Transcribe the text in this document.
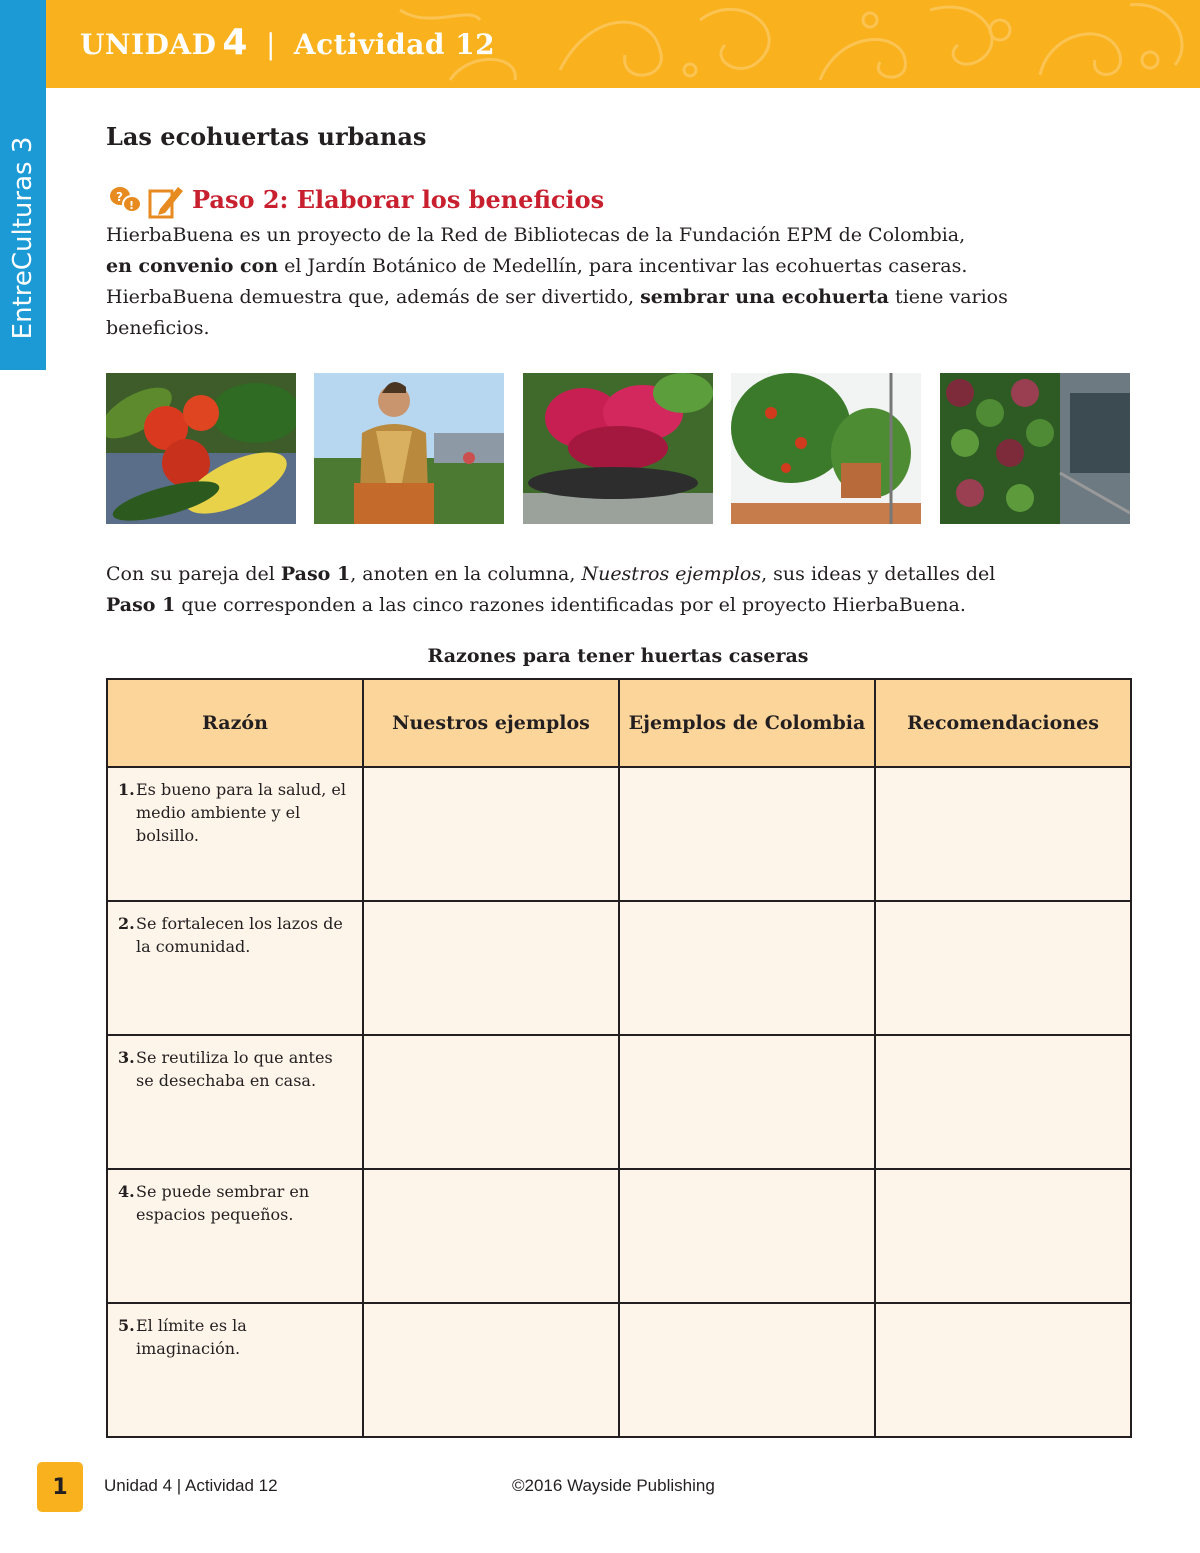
UNIDAD 4 | Actividad 12
EntreCulturas 3
Las ecohuertas urbanas
?
! Paso 2: Elaborar los beneficios
HierbaBuena es un proyecto de la Red de Bibliotecas de la Fundación EPM de Colombia,
en convenio con el Jardín Botánico de Medellín, para incentivar las ecohuertas caseras.
HierbaBuena demuestra que, además de ser divertido, sembrar una ecohuerta tiene varios
beneficios.
Con su pareja del Paso 1, anoten en la columna, Nuestros ejemplos, sus ideas y detalles del
Paso 1 que corresponden a las cinco razones identificadas por el proyecto HierbaBuena.
Razones para tener huertas caseras
Razón	Nuestros ejemplos	Ejemplos de Colombia	Recomendaciones

1. Es bueno para la salud, el medio ambiente y el bolsillo.			

2. Se fortalecen los lazos de la comunidad.			

3. Se reutiliza lo que antes se desechaba en casa.			

4. Se puede sembrar en espacios pequeños.			

5. El límite es la imaginación.			

1 Unidad 4 | Actividad 12	©2016 Wayside Publishing
